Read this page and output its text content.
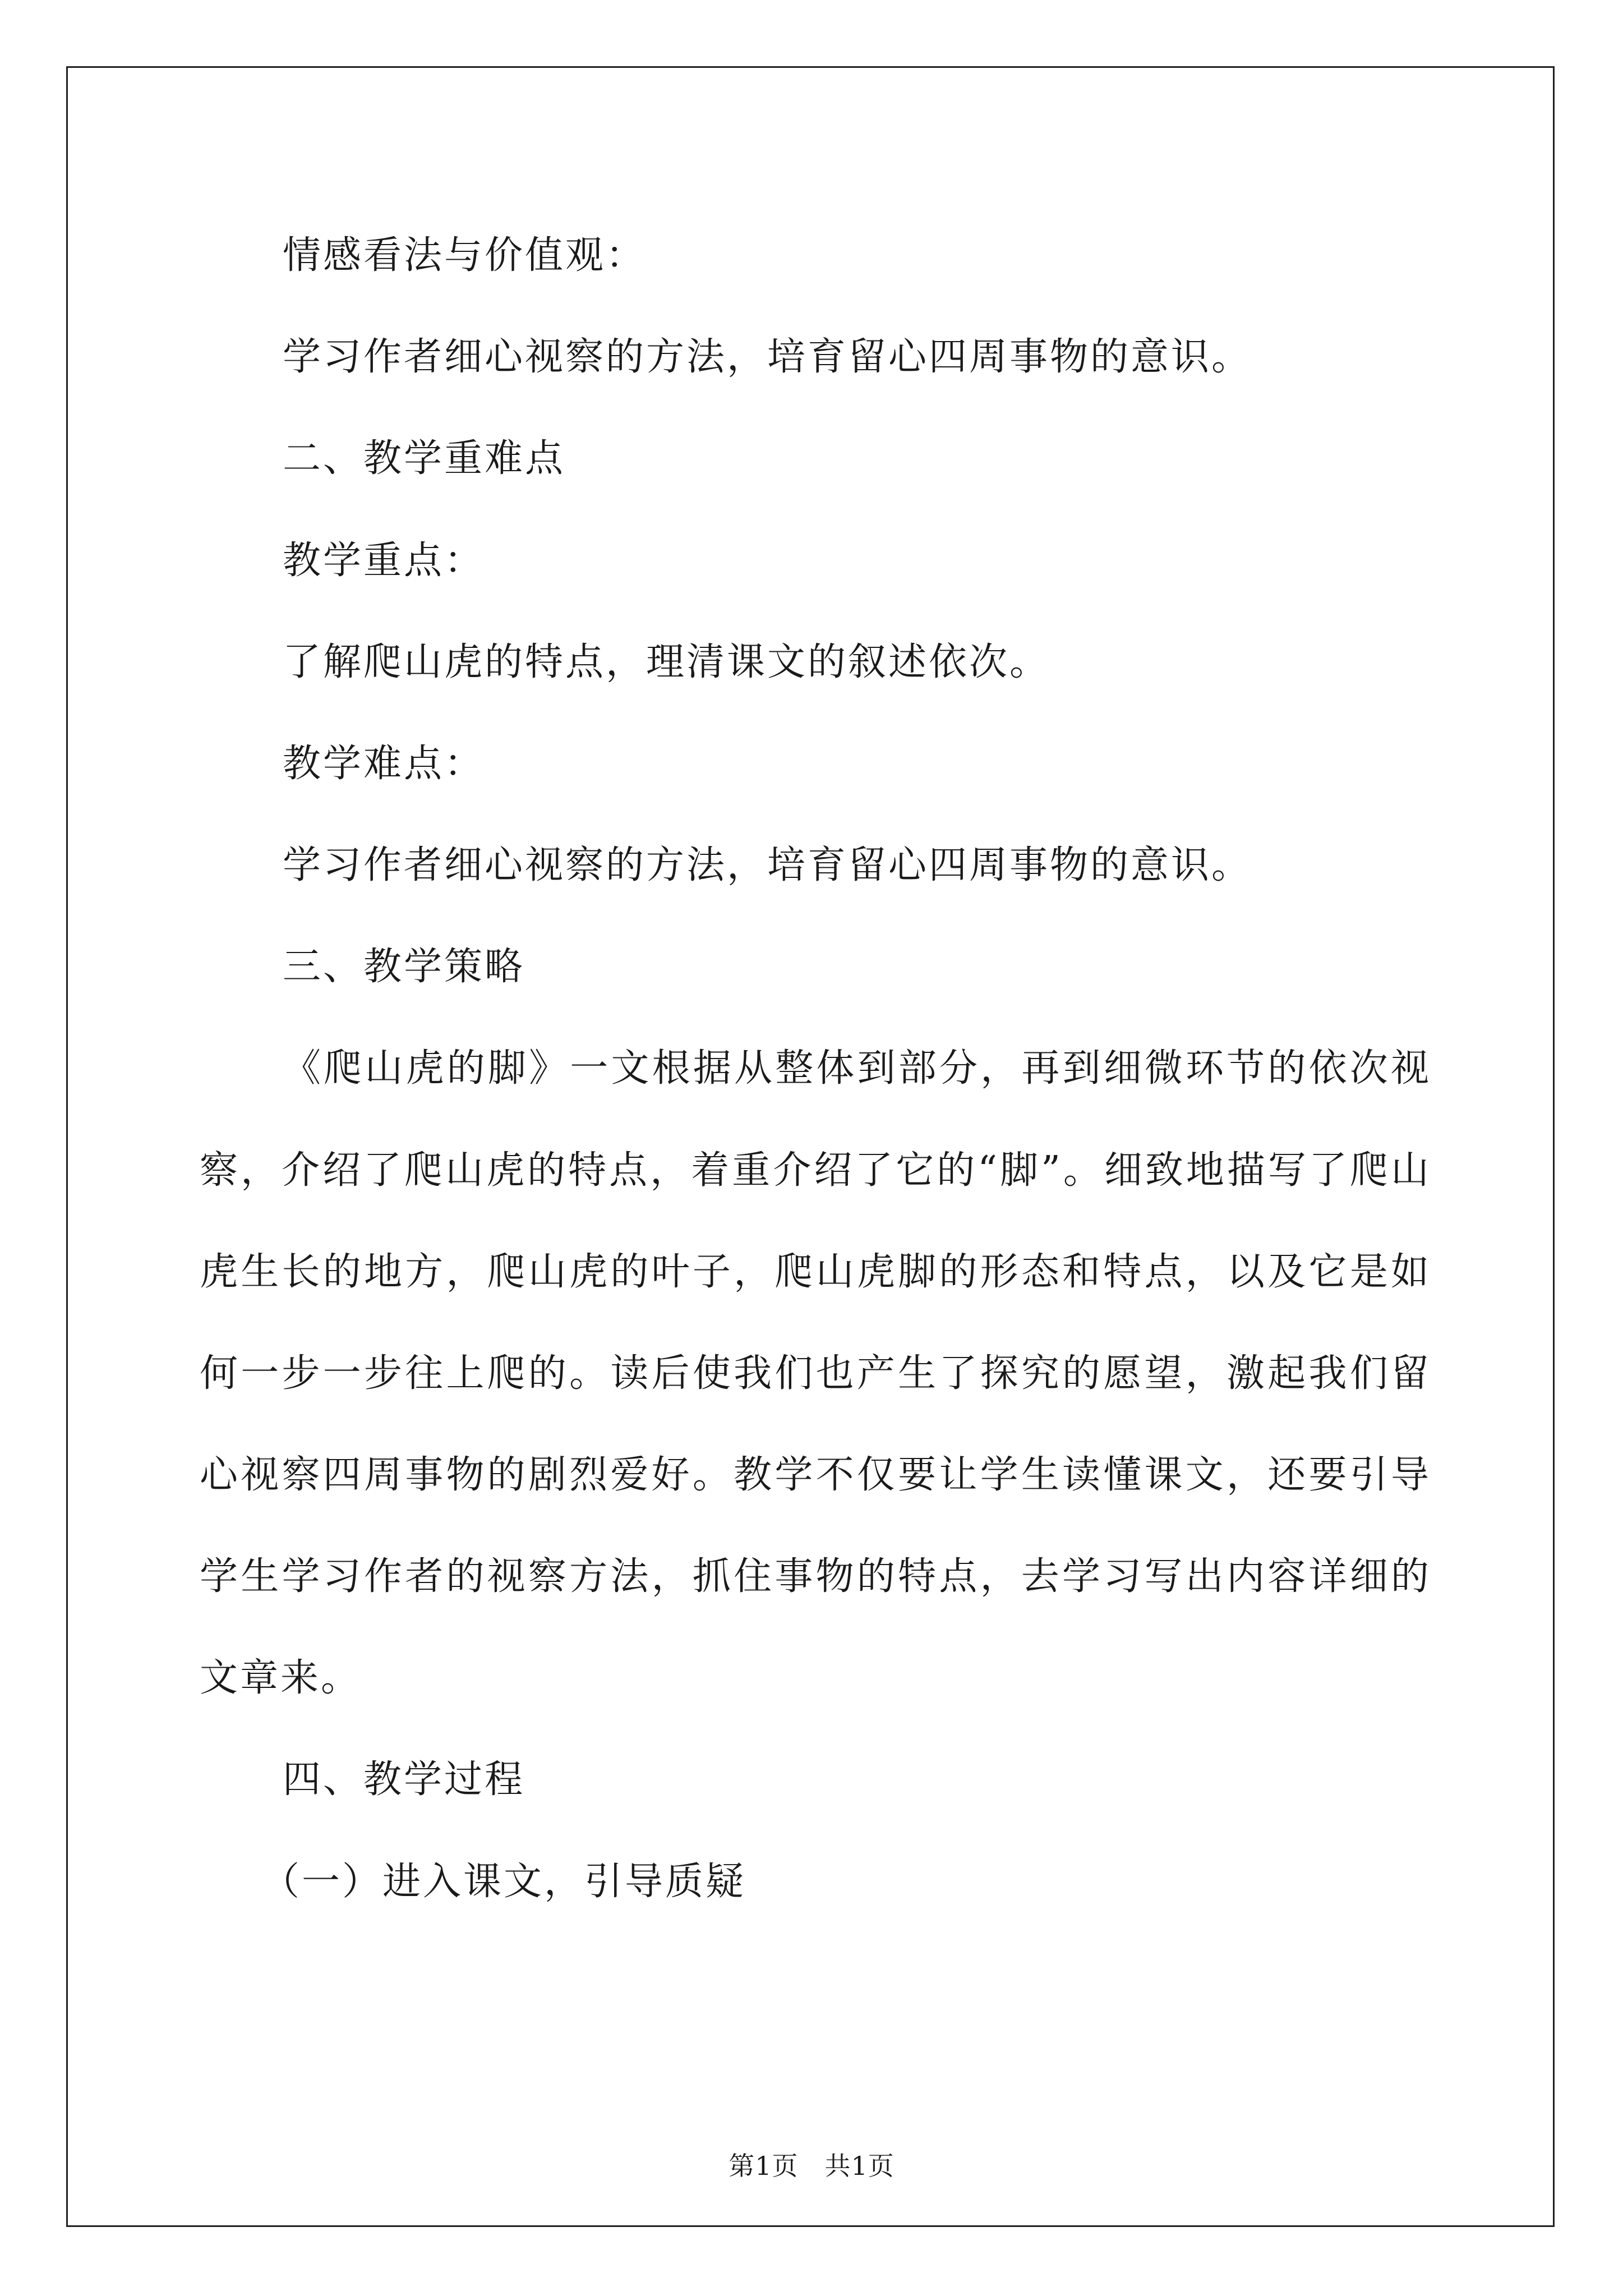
情感看法与价值观：
学习作者细心视察的方法，培育留心四周事物的意识。
二、教学重难点
教学重点：
了解爬山虎的特点，理清课文的叙述依次。
教学难点：
学习作者细心视察的方法，培育留心四周事物的意识。
三、教学策略
《爬山虎的脚》一文根据从整体到部分，再到细微环节的依次视
察，介绍了爬山虎的特点，着重介绍了它的“脚”。细致地描写了爬山
虎生长的地方，爬山虎的叶子，爬山虎脚的形态和特点，以及它是如
何一步一步往上爬的。读后使我们也产生了探究的愿望，激起我们留
心视察四周事物的剧烈爱好。教学不仅要让学生读懂课文，还要引导
学生学习作者的视察方法，抓住事物的特点，去学习写出内容详细的
文章来。
四、教学过程
（一）进入课文，引导质疑
第1页 共1页
